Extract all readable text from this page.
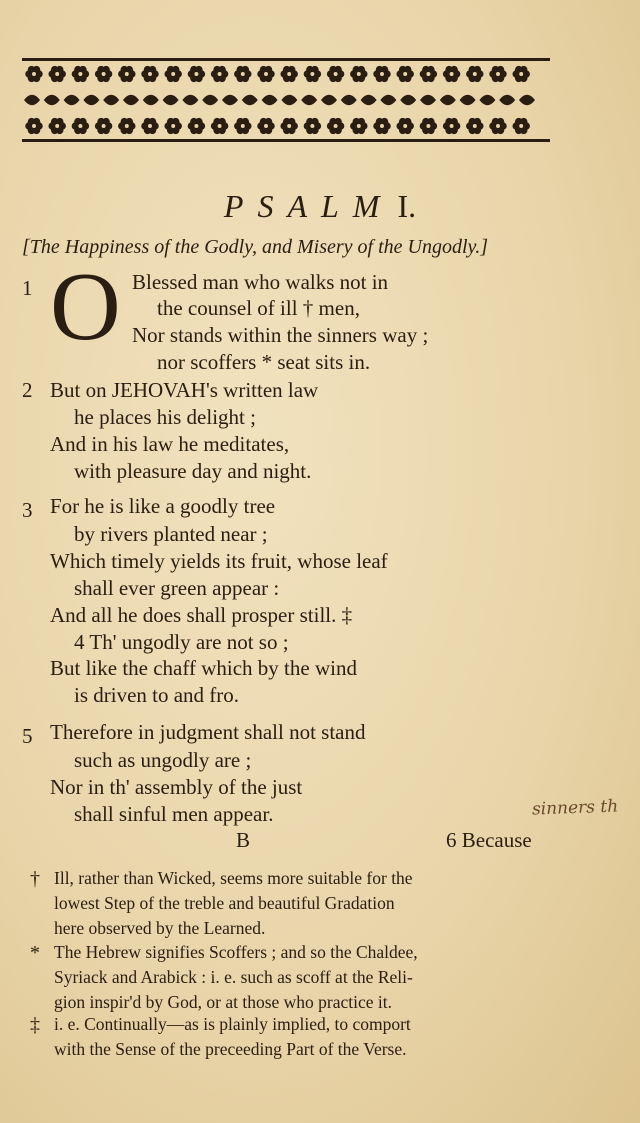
PSALM I.
[The Happiness of the Godly, and Misery of the Ungodly.]
1 O Blessed man who walks not in
the counsel of ill † men,
Nor stands within the sinners way ;
nor scoffers * seat sits in.
2 But on JEHOVAH's written law
he places his delight ;
And in his law he meditates,
with pleasure day and night.
3 For he is like a goodly tree
by rivers planted near ;
Which timely yields its fruit, whose leaf
shall ever green appear :
And all he does shall prosper still. ‡
4 Th' ungodly are not so ;
But like the chaff which by the wind
is driven to and fro.
5 Therefore in judgment shall not stand
such as ungodly are ;
Nor in th' assembly of the just
shall sinful men appear.	sinners th
B	6 Because
† Ill, rather than Wicked, seems more suitable for the
lowest Step of the treble and beautiful Gradation
here observed by the Learned.
* The Hebrew signifies Scoffers ; and so the Chaldee,
Syriack and Arabick : i. e. such as scoff at the Reli-
gion inspir'd by God, or at those who practice it.
‡ i. e. Continually—as is plainly implied, to comport
with the Sense of the preceeding Part of the Verse.
